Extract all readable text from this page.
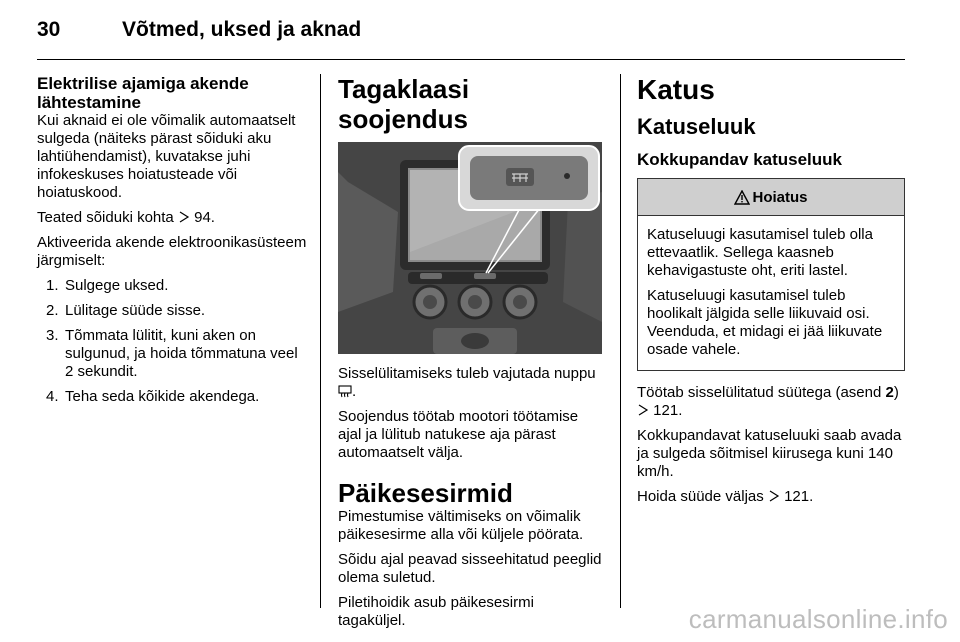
30	Võtmed, uksed ja aknad
Elektrilise ajamiga akende lähtestamine

Kui aknaid ei ole võimalik automaatselt sulgeda (näiteks pärast sõiduki aku lahtiühendamist), kuvatakse juhi infokeskuses hoiatusteade või hoiatuskood.

Teated sõiduki kohta 94.

Aktiveerida akende elektroonikasüsteem järgmiselt:

1. Sulgege uksed.
2. Lülitage süüde sisse.
3. Tõmmata lülitit, kuni aken on sulgunud, ja hoida tõmmatuna veel 2 sekundit.
4. Teha seda kõikide akendega.
Tagaklaasi soojendus

Sisselülitamiseks tuleb vajutada nuppu .

Soojendus töötab mootori töötamise ajal ja lülitub natukese aja pärast automaatselt välja.

Päikesesirmid

Pimestumise vältimiseks on võimalik päikesesirme alla või küljele pöörata.

Sõidu ajal peavad sisseehitatud peeglid olema suletud.

Piletihoidik asub päikesesirmi tagaküljel.

Katus
Katuseluuk
Kokkupandav katuseluuk
Hoiatus

Katuseluugi kasutamisel tuleb olla ettevaatlik. Sellega kaasneb kehavigastuste oht, eriti lastel.

Katuseluugi kasutamisel tuleb hoolikalt jälgida selle liikuvaid osi. Veenduda, et midagi ei jää liikuvate osade vahele.

Töötab sisselülitatud süütega (asend 2)  121.

Kokkupandavat katuseluuki saab avada ja sulgeda sõitmisel kiirusega kuni 140 km/h.

Hoida süüde väljas 121.

carmanualsonline.info
